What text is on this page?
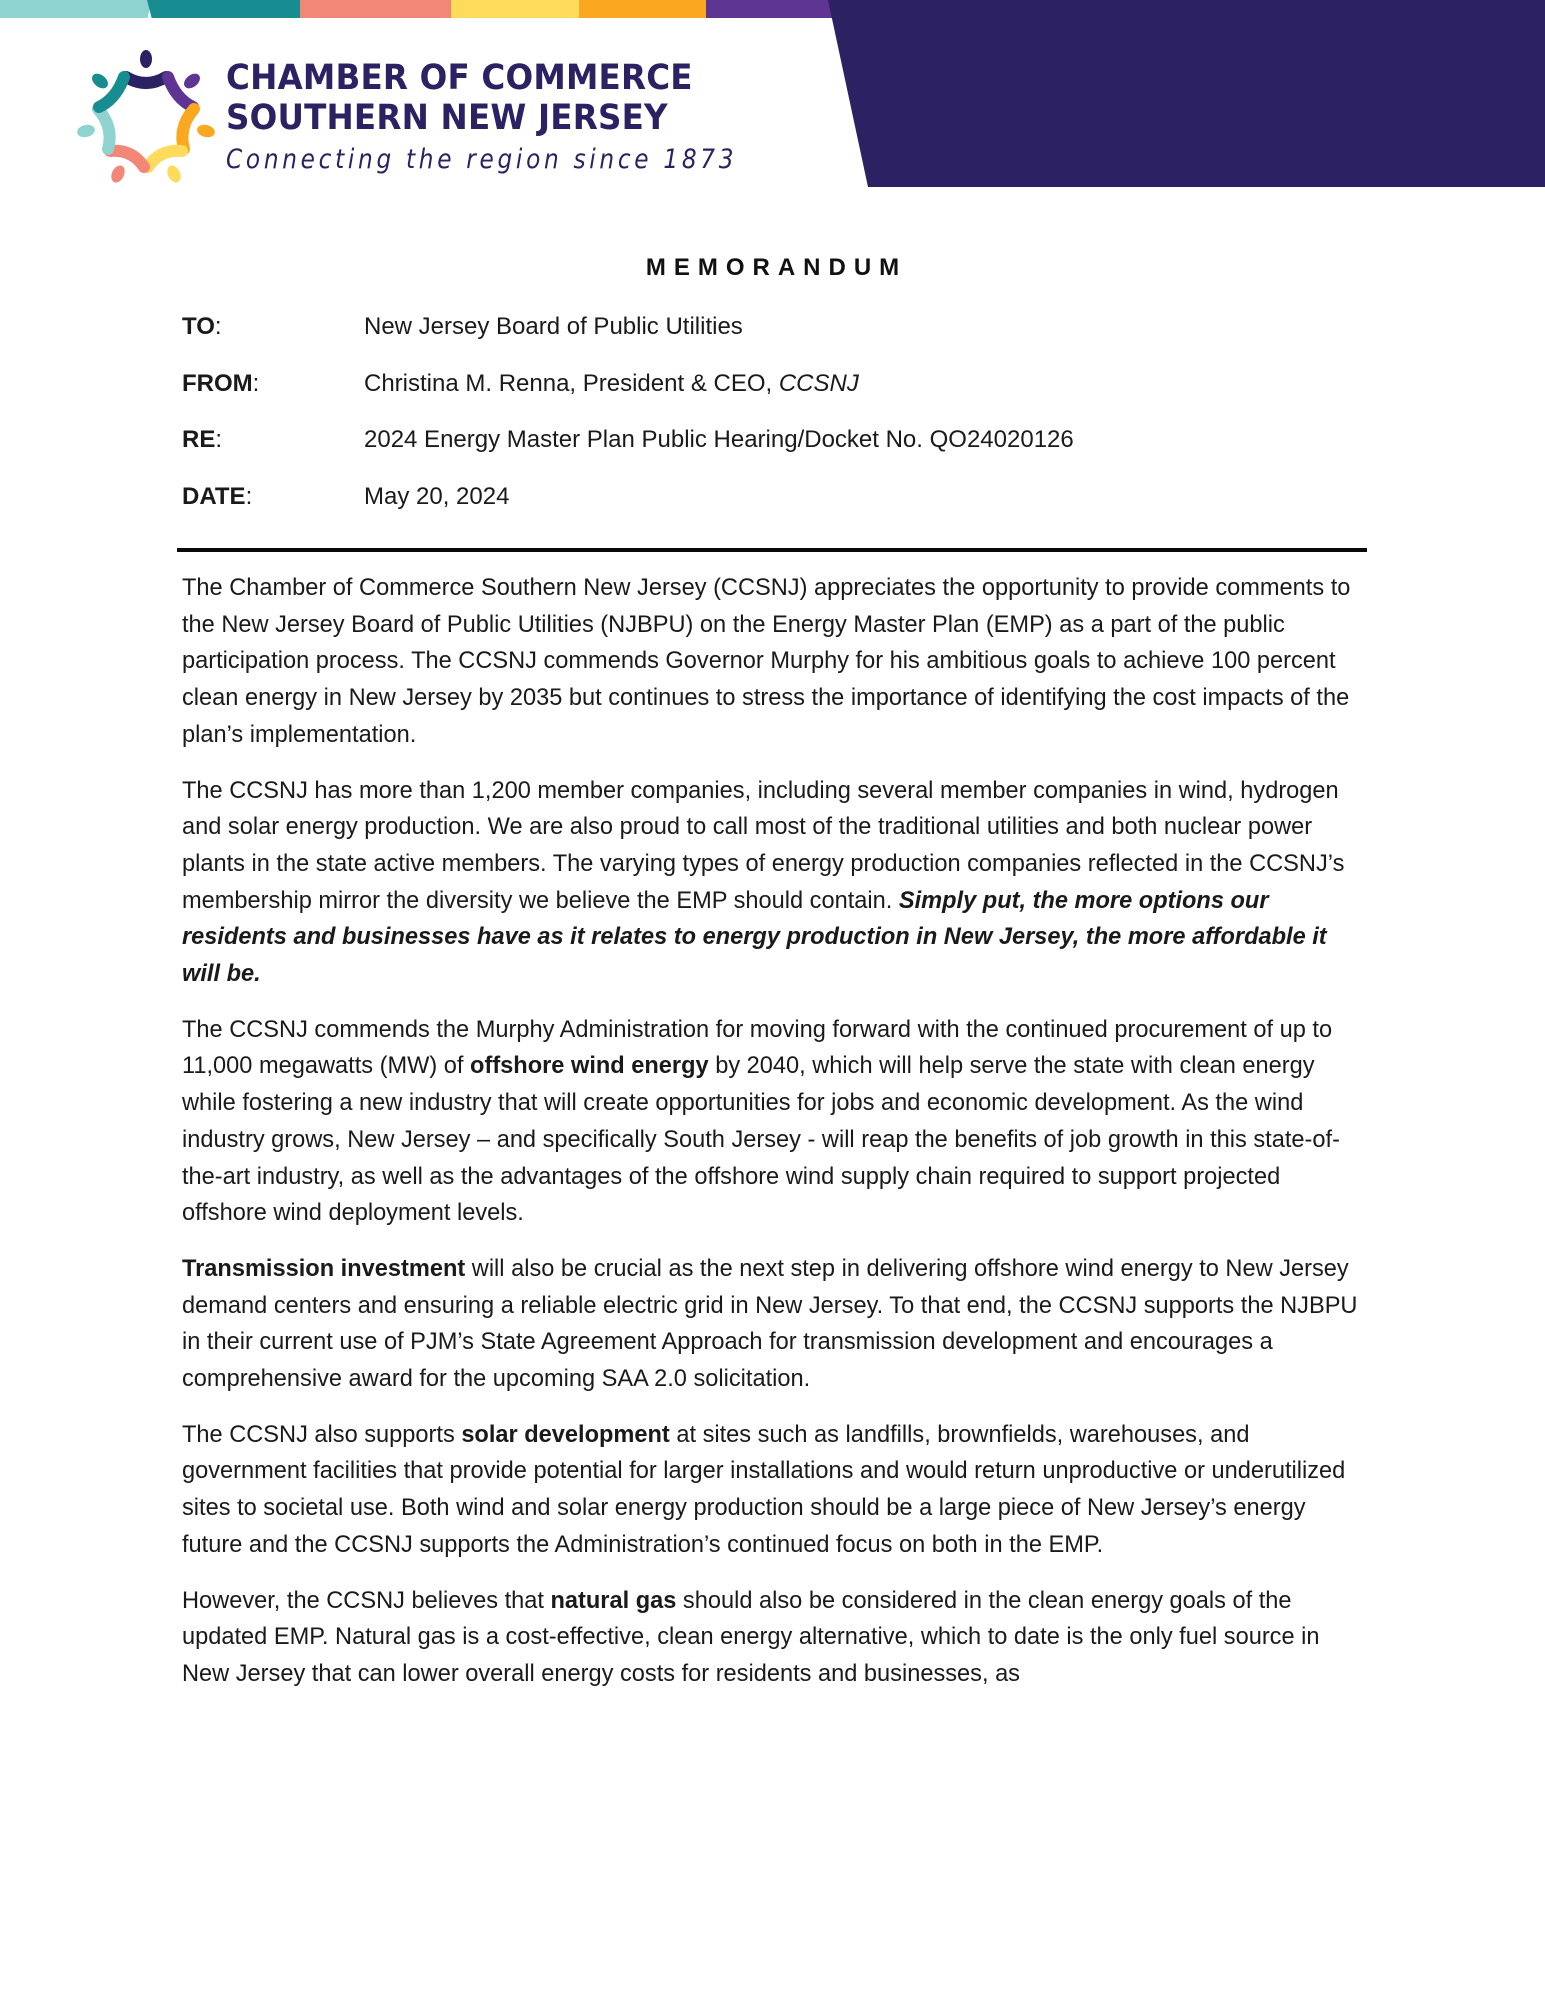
CHAMBER OF COMMERCE
SOUTHERN NEW JERSEY
Connecting the region since 1873
MEMORANDUM
TO:	New Jersey Board of Public Utilities
FROM:	Christina M. Renna, President & CEO, CCSNJ
RE:	2024 Energy Master Plan Public Hearing/Docket No. QO24020126
DATE:	May 20, 2024

The Chamber of Commerce Southern New Jersey (CCSNJ) appreciates the opportunity to provide comments to the New Jersey Board of Public Utilities (NJBPU) on the Energy Master Plan (EMP) as a part of the public participation process. The CCSNJ commends Governor Murphy for his ambitious goals to achieve 100 percent clean energy in New Jersey by 2035 but continues to stress the importance of identifying the cost impacts of the plan’s implementation.

The CCSNJ has more than 1,200 member companies, including several member companies in wind, hydrogen and solar energy production. We are also proud to call most of the traditional utilities and both nuclear power plants in the state active members. The varying types of energy production companies reflected in the CCSNJ’s membership mirror the diversity we believe the EMP should contain. Simply put, the more options our residents and businesses have as it relates to energy production in New Jersey, the more affordable it will be.

The CCSNJ commends the Murphy Administration for moving forward with the continued procurement of up to 11,000 megawatts (MW) of offshore wind energy by 2040, which will help serve the state with clean energy while fostering a new industry that will create opportunities for jobs and economic development. As the wind industry grows, New Jersey – and specifically South Jersey - will reap the benefits of job growth in this state-of-the-art industry, as well as the advantages of the offshore wind supply chain required to support projected offshore wind deployment levels.

Transmission investment will also be crucial as the next step in delivering offshore wind energy to New Jersey demand centers and ensuring a reliable electric grid in New Jersey. To that end, the CCSNJ supports the NJBPU in their current use of PJM’s State Agreement Approach for transmission development and encourages a comprehensive award for the upcoming SAA 2.0 solicitation.

The CCSNJ also supports solar development at sites such as landfills, brownfields, warehouses, and government facilities that provide potential for larger installations and would return unproductive or underutilized sites to societal use. Both wind and solar energy production should be a large piece of New Jersey’s energy future and the CCSNJ supports the Administration’s continued focus on both in the EMP.

However, the CCSNJ believes that natural gas should also be considered in the clean energy goals of the updated EMP. Natural gas is a cost-effective, clean energy alternative, which to date is the only fuel source in New Jersey that can lower overall energy costs for residents and businesses, as
